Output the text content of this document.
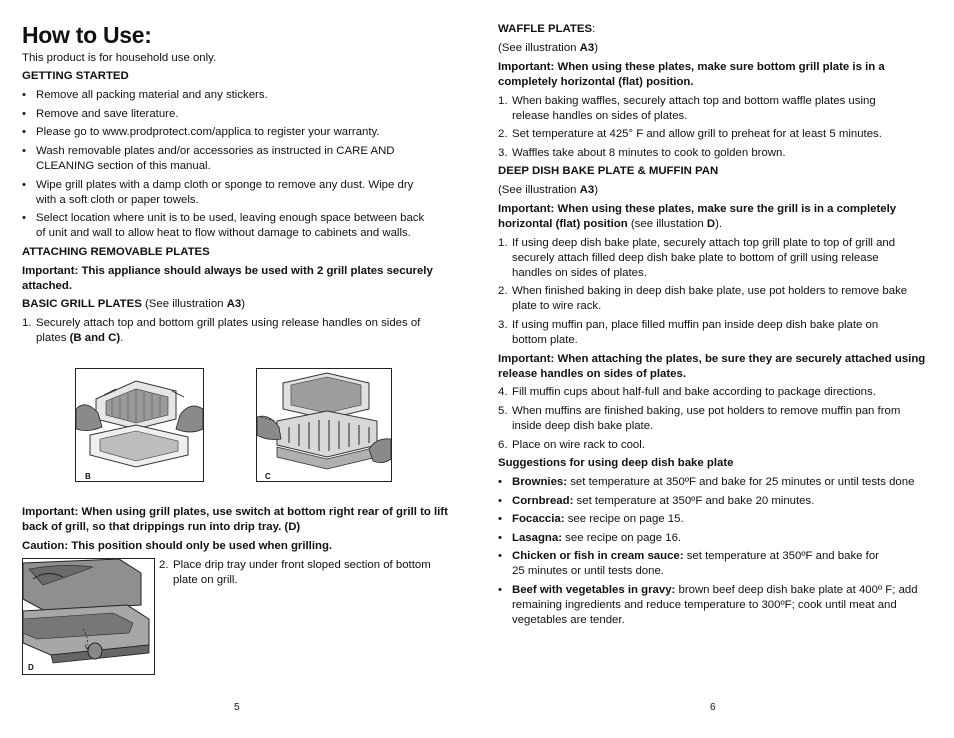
How to Use:
This product is for household use only.
GETTING STARTED
• Remove all packing material and any stickers.
• Remove and save literature.
• Please go to www.prodprotect.com/applica to register your warranty.
• Wash removable plates and/or accessories as instructed in CARE AND
CLEANING section of this manual.
• Wipe grill plates with a damp cloth or sponge to remove any dust. Wipe dry
with a soft cloth or paper towels.
• Select location where unit is to be used, leaving enough space between back
of unit and wall to allow heat to flow without damage to cabinets and walls.
ATTACHING REMOVABLE PLATES
Important: This appliance should always be used with 2 grill plates securely
attached.
BASIC GRILL PLATES (See illustration A3)
1. Securely attach top and bottom grill plates using release handles on sides of
plates (B and C).
B	C
Important: When using grill plates, use switch at bottom right rear of grill to lift
back of grill, so that drippings run into drip tray. (D)
Caution: This position should only be used when grilling.
D
2. Place drip tray under front sloped section of bottom
plate on grill.
5
WAFFLE PLATES:
(See illustration A3)
Important: When using these plates, make sure bottom grill plate is in a
completely horizontal (flat) position.
1. When baking waffles, securely attach top and bottom waffle plates using
release handles on sides of plates.
2. Set temperature at 425° F and allow grill to preheat for at least 5 minutes.
3. Waffles take about 8 minutes to cook to golden brown.
DEEP DISH BAKE PLATE & MUFFIN PAN
(See illustration A3)
Important: When using these plates, make sure the grill is in a completely
horizontal (flat) position (see illustation D).
1. If using deep dish bake plate, securely attach top grill plate to top of grill and
securely attach filled deep dish bake plate to bottom of grill using release
handles on sides of plates.
2. When finished baking in deep dish bake plate, use pot holders to remove bake
plate to wire rack.
3. If using muffin pan, place filled muffin pan inside deep dish bake plate on
bottom plate.
Important: When attaching the plates, be sure they are securely attached using
release handles on sides of plates.
4. Fill muffin cups about half-full and bake according to package directions.
5. When muffins are finished baking, use pot holders to remove muffin pan from
inside deep dish bake plate.
6. Place on wire rack to cool.
Suggestions for using deep dish bake plate
• Brownies: set temperature at 350ºF and bake for 25 minutes or until tests done
• Cornbread: set temperature at 350ºF and bake 20 minutes.
• Focaccia: see recipe on page 15.
• Lasagna: see recipe on page 16.
• Chicken or fish in cream sauce: set temperature at 350ºF and bake for
25 minutes or until tests done.
• Beef with vegetables in gravy: brown beef deep dish bake plate at 400º F; add
remaining ingredients and reduce temperature to 300ºF; cook until meat and
vegetables are tender.
6
